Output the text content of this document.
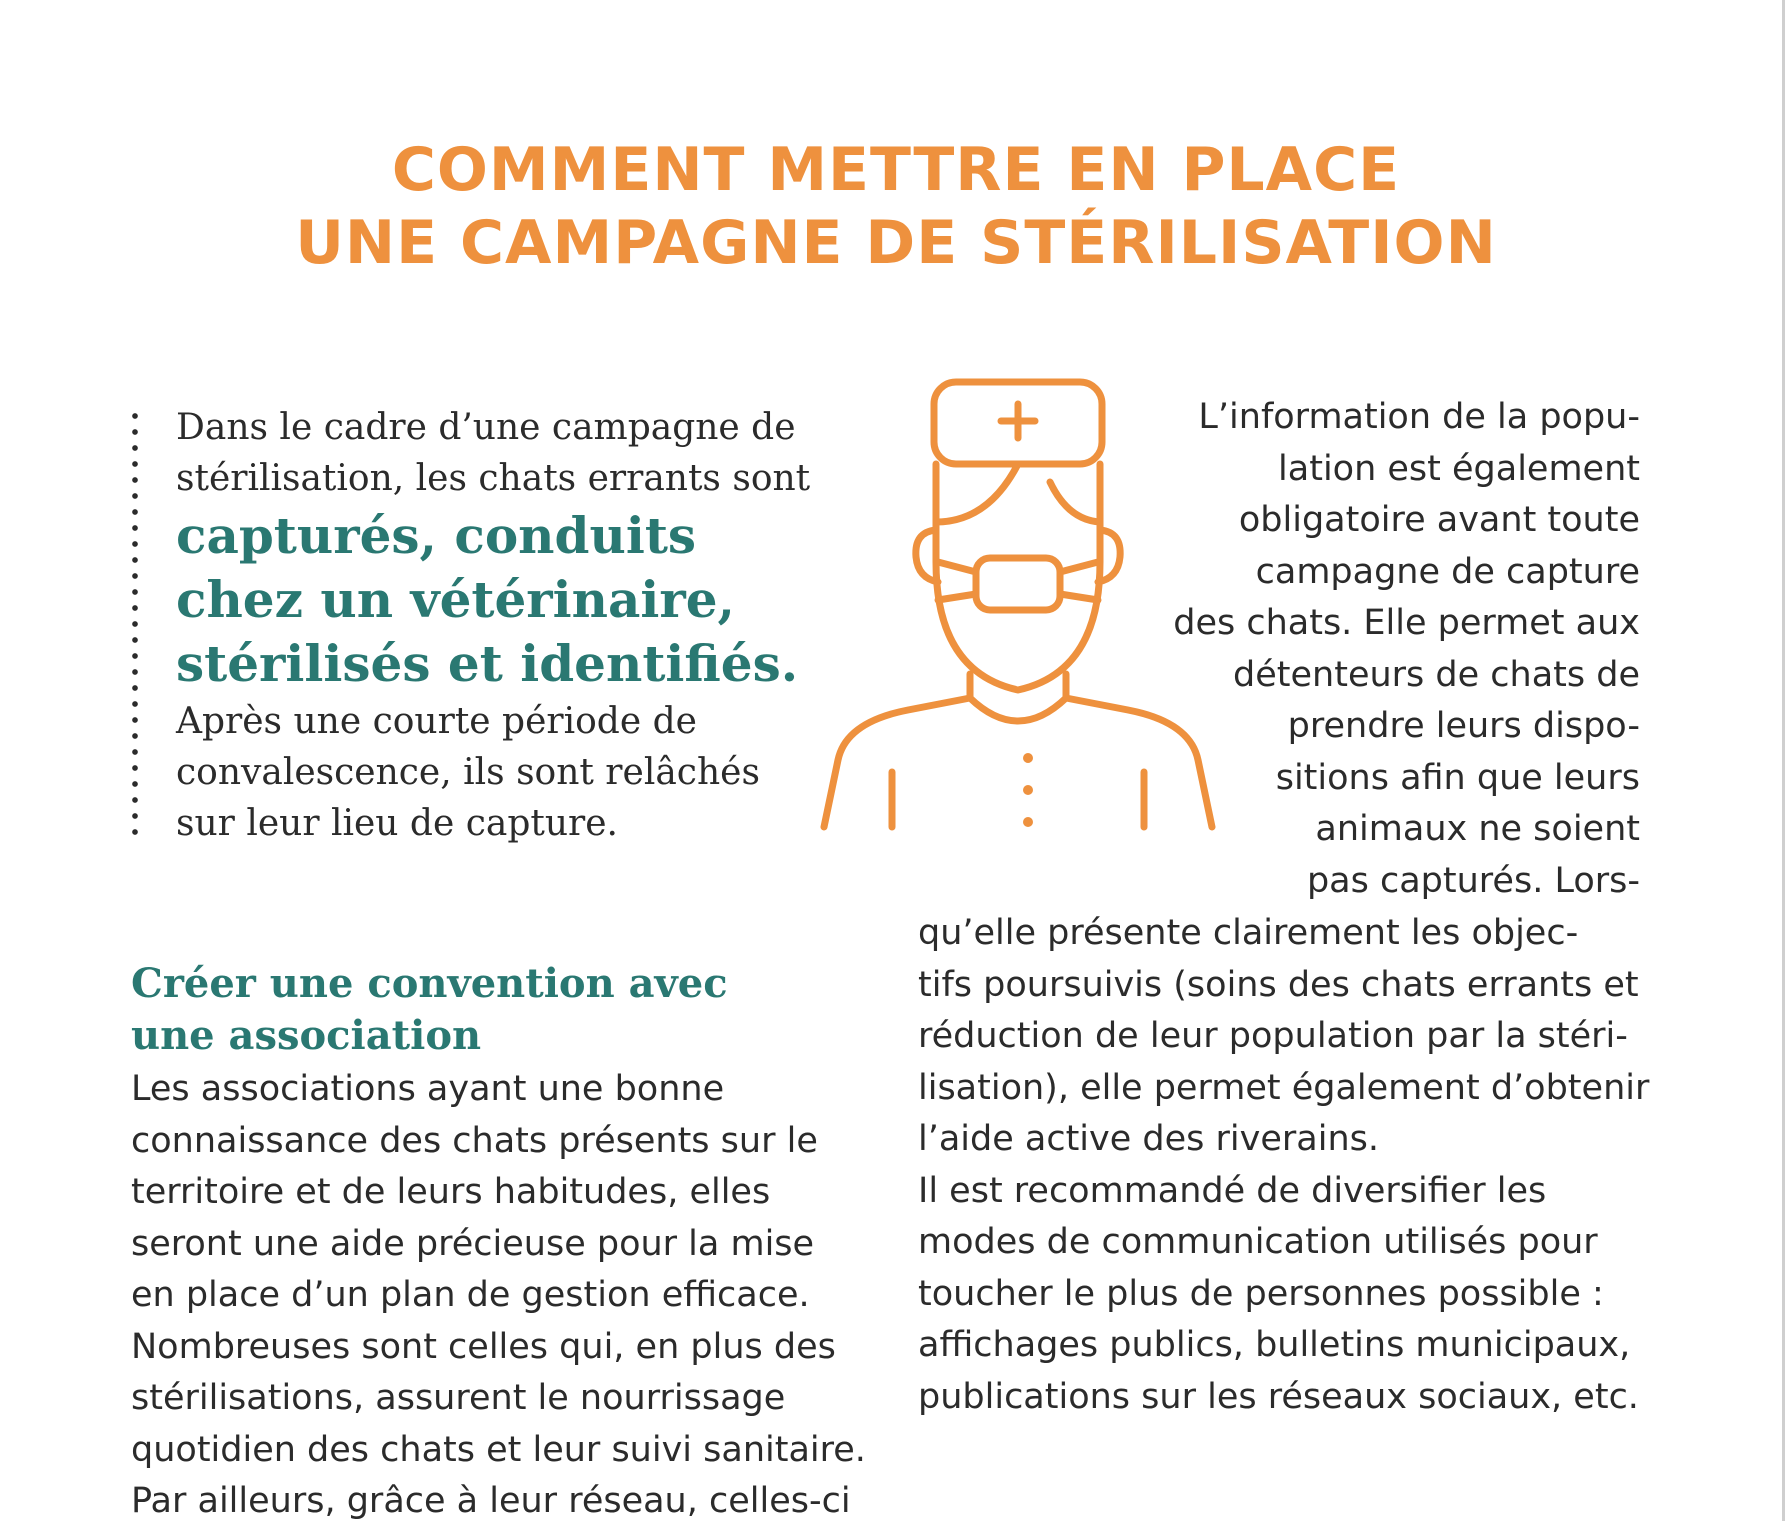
COMMENT METTRE EN PLACE
UNE CAMPAGNE DE STÉRILISATION
Dans le cadre d’une campagne de
stérilisation, les chats errants sont
capturés, conduits
chez un vétérinaire,
stérilisés et identifiés.
Après une courte période de
convalescence, ils sont relâchés
sur leur lieu de capture.
L’information de la popu-
lation est également
obligatoire avant toute
campagne de capture
des chats. Elle permet aux
détenteurs de chats de
prendre leurs dispo-
sitions afin que leurs
animaux ne soient
pas capturés. Lors-
qu’elle présente clairement les objec-
tifs poursuivis (soins des chats errants et
réduction de leur population par la stéri-
lisation), elle permet également d’obtenir
l’aide active des riverains.
Il est recommandé de diversifier les
modes de communication utilisés pour
toucher le plus de personnes possible :
affichages publics, bulletins municipaux,
publications sur les réseaux sociaux, etc.
Créer une convention avec
une association
Les associations ayant une bonne
connaissance des chats présents sur le
territoire et de leurs habitudes, elles
seront une aide précieuse pour la mise
en place d’un plan de gestion efficace.
Nombreuses sont celles qui, en plus des
stérilisations, assurent le nourrissage
quotidien des chats et leur suivi sanitaire.
Par ailleurs, grâce à leur réseau, celles-ci
